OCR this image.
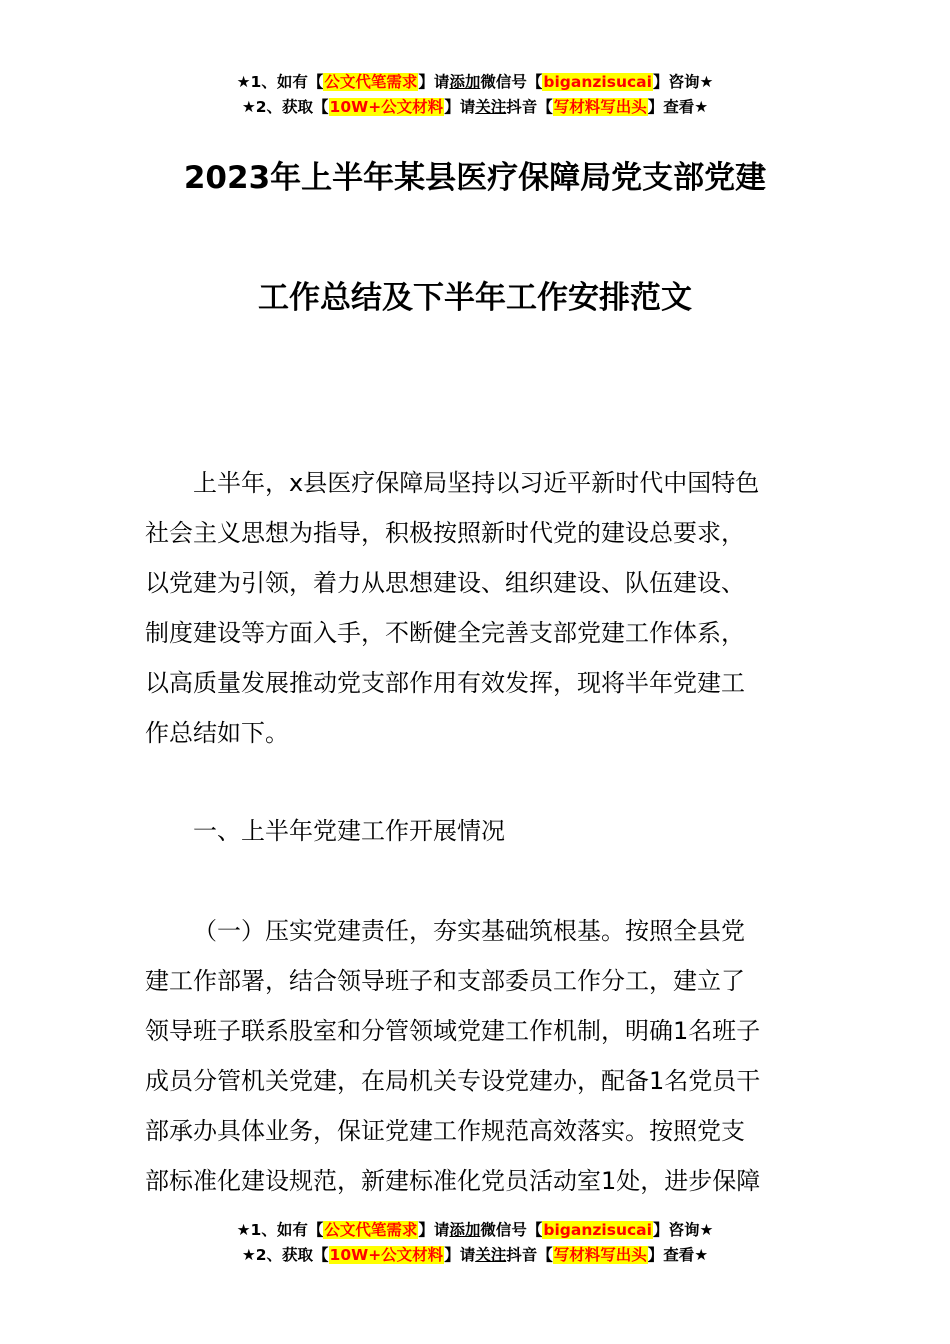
★1、如有【公文代笔需求】请添加微信号【biganzisucai】咨询★
★2、获取【10W+公文材料】请关注抖音【写材料写出头】查看★
2023年上半年某县医疗保障局党支部党建
工作总结及下半年工作安排范文
上半年，x县医疗保障局坚持以习近平新时代中国特色
社会主义思想为指导，积极按照新时代党的建设总要求，
以党建为引领，着力从思想建设、组织建设、队伍建设、
制度建设等方面入手，不断健全完善支部党建工作体系，
以高质量发展推动党支部作用有效发挥，现将半年党建工
作总结如下。
一、上半年党建工作开展情况
（一）压实党建责任，夯实基础筑根基。按照全县党
建工作部署，结合领导班子和支部委员工作分工，建立了
领导班子联系股室和分管领域党建工作机制，明确1名班子
成员分管机关党建，在局机关专设党建办，配备1名党员干
部承办具体业务，保证党建工作规范高效落实。按照党支
部标准化建设规范，新建标准化党员活动室1处，进步保障
★1、如有【公文代笔需求】请添加微信号【biganzisucai】咨询★
★2、获取【10W+公文材料】请关注抖音【写材料写出头】查看★
